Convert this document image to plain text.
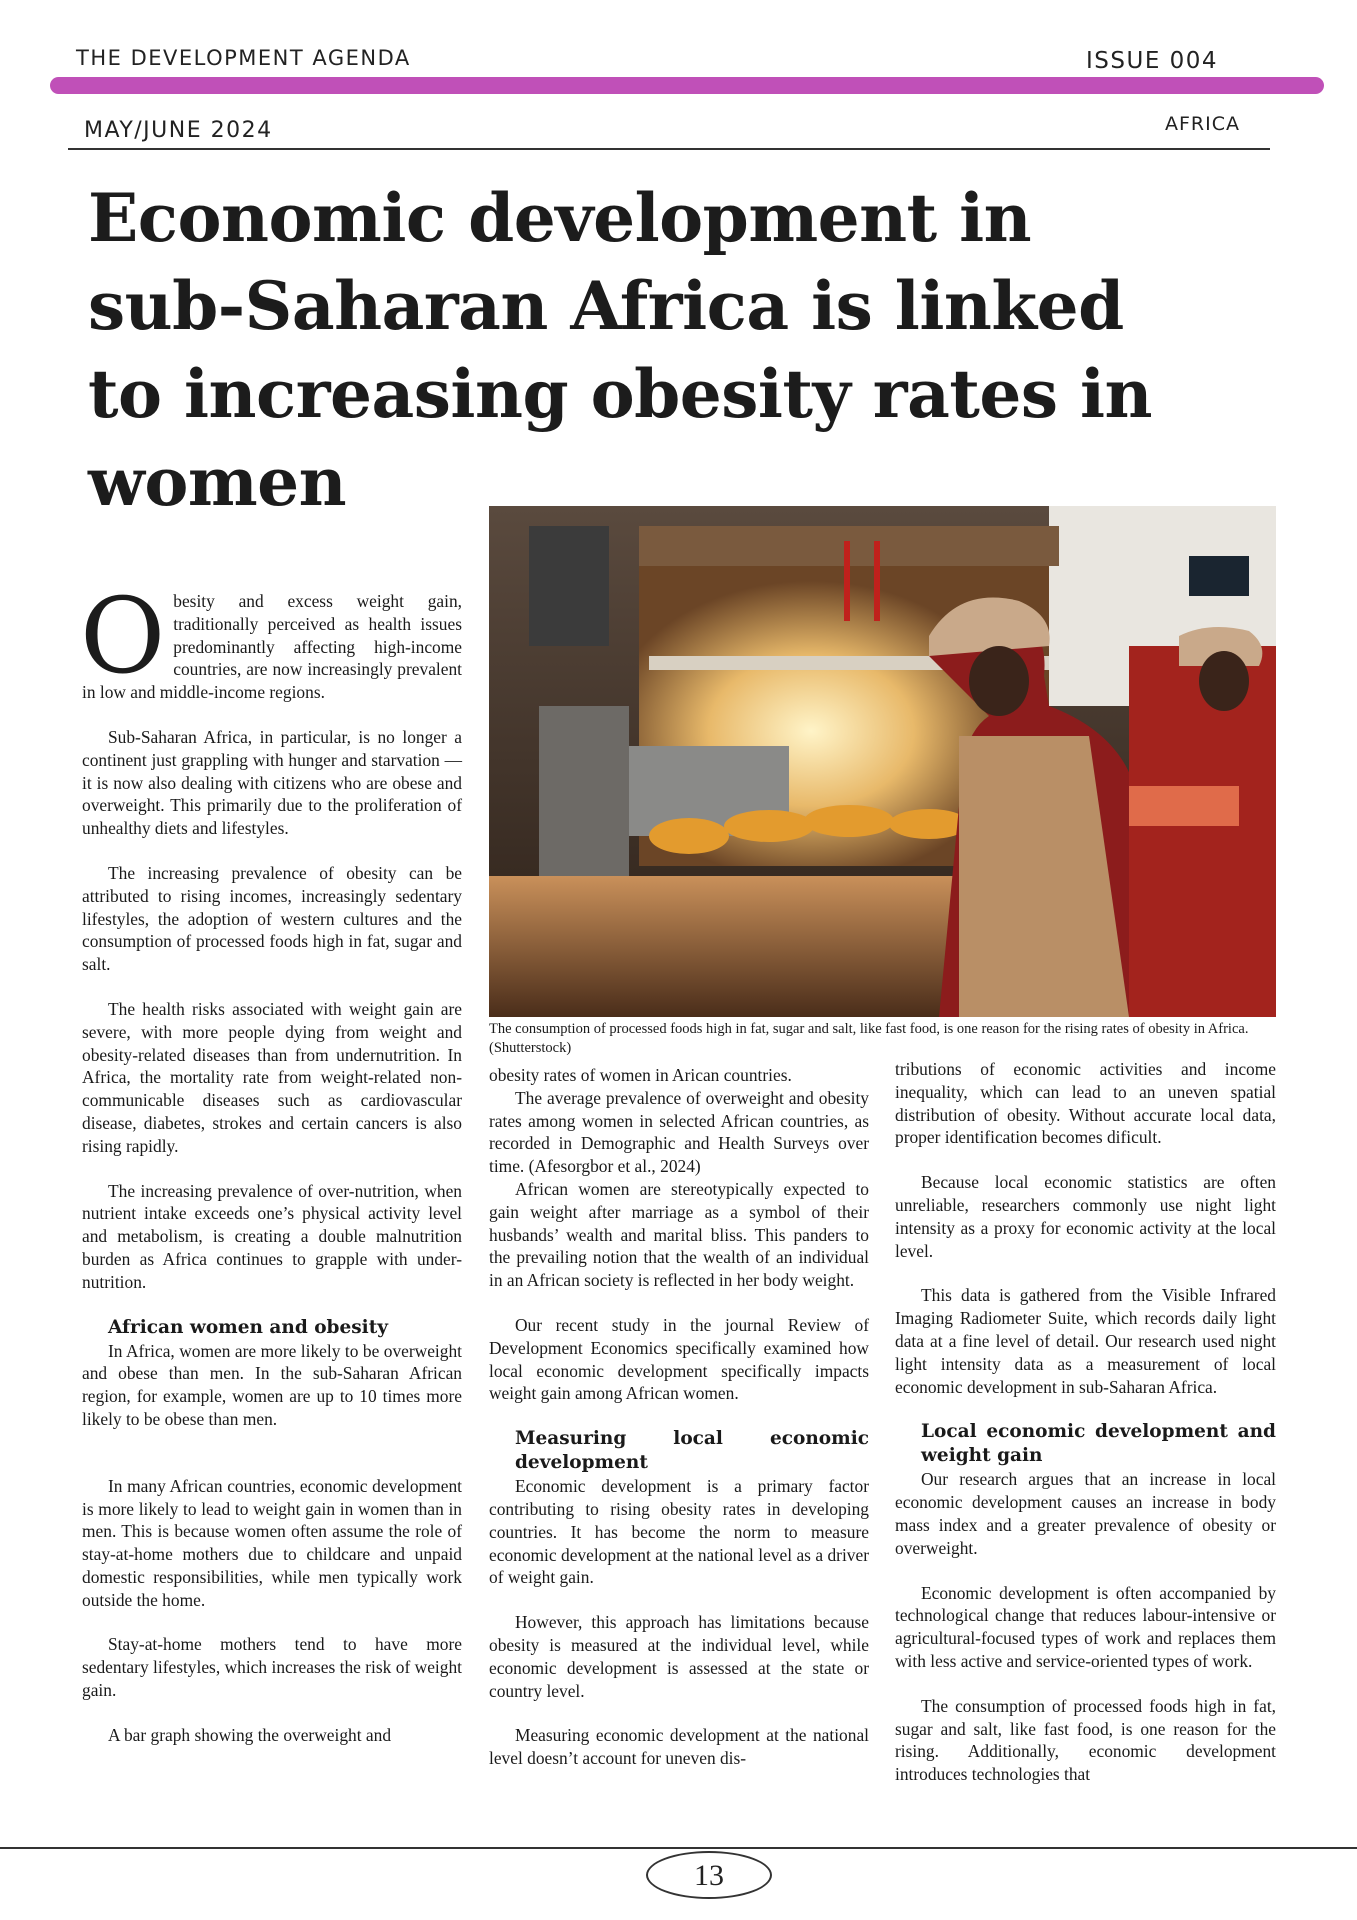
THE DEVELOPMENT AGENDA	ISSUE 004
MAY/JUNE 2024	AFRICA
Economic development in sub-Saharan Africa is linked to increasing obesity rates in women

The consumption of processed foods high in fat, sugar and salt, like fast food, is one reason for the rising rates of obesity in Africa. (Shutterstock)

Obesity and excess weight gain, traditionally perceived as health issues predominantly affecting high-income countries, are now increasingly prevalent in low and middle-income regions.

Sub-Saharan Africa, in particular, is no longer a continent just grappling with hunger and starvation — it is now also dealing with citizens who are obese and overweight. This primarily due to the proliferation of unhealthy diets and lifestyles.

The increasing prevalence of obesity can be attributed to rising incomes, increasingly sedentary lifestyles, the adoption of western cultures and the consumption of processed foods high in fat, sugar and salt.

The health risks associated with weight gain are severe, with more people dying from weight and obesity-related diseases than from undernutrition. In Africa, the mortality rate from weight-related non-communicable diseases such as cardiovascular disease, diabetes, strokes and certain cancers is also rising rapidly.

The increasing prevalence of over-nutrition, when nutrient intake exceeds one’s physical activity level and metabolism, is creating a double malnutrition burden as Africa continues to grapple with under-nutrition.

African women and obesity

In Africa, women are more likely to be overweight and obese than men. In the sub-Saharan African region, for example, women are up to 10 times more likely to be obese than men.

In many African countries, economic development is more likely to lead to weight gain in women than in men. This is because women often assume the role of stay-at-home mothers due to childcare and unpaid domestic responsibilities, while men typically work outside the home.

Stay-at-home mothers tend to have more sedentary lifestyles, which increases the risk of weight gain.

A bar graph showing the overweight and

obesity rates of women in Arican countries.

The average prevalence of overweight and obesity rates among women in selected African countries, as recorded in Demographic and Health Surveys over time. (Afesorgbor et al., 2024)

African women are stereotypically expected to gain weight after marriage as a symbol of their husbands’ wealth and marital bliss. This panders to the prevailing notion that the wealth of an individual in an African society is reflected in her body weight.

Our recent study in the journal Review of Development Economics specifically examined how local economic development specifically impacts weight gain among African women.

Measuring local economic development

Economic development is a primary factor contributing to rising obesity rates in developing countries. It has become the norm to measure economic development at the national level as a driver of weight gain.

However, this approach has limitations because obesity is measured at the individual level, while economic development is assessed at the state or country level.

Measuring economic development at the national level doesn’t account for uneven dis-

tributions of economic activities and income inequality, which can lead to an uneven spatial distribution of obesity. Without accurate local data, proper identification becomes dificult.

Because local economic statistics are often unreliable, researchers commonly use night light intensity as a proxy for economic activity at the local level.

This data is gathered from the Visible Infrared Imaging Radiometer Suite, which records daily light data at a fine level of detail. Our research used night light intensity data as a measurement of local economic development in sub-Saharan Africa.

Local economic development and weight gain

Our research argues that an increase in local economic development causes an increase in body mass index and a greater prevalence of obesity or overweight.

Economic development is often accompanied by technological change that reduces labour-intensive or agricultural-focused types of work and replaces them with less active and service-oriented types of work.

The consumption of processed foods high in fat, sugar and salt, like fast food, is one reason for the rising. Additionally, economic development introduces technologies that

13
